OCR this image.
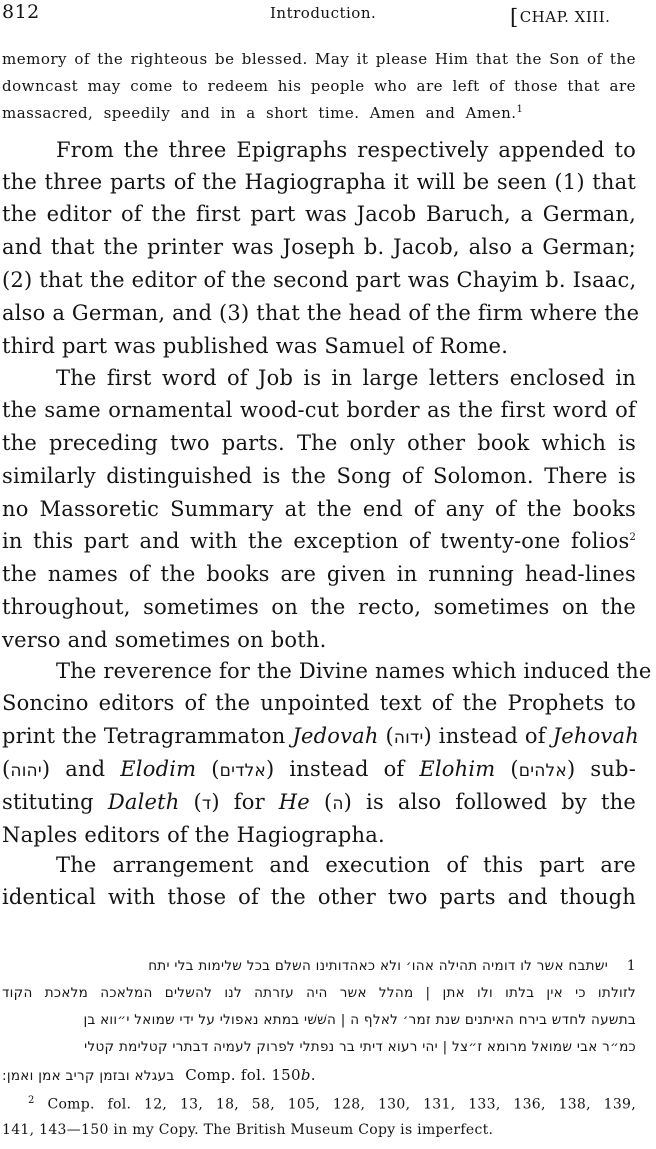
812	Introduction.	[CHAP. XIII.
memory of the righteous be blessed. May it please Him that the Son of the
downcast may come to redeem his people who are left of those that are
massacred, speedily and in a short time. Amen and Amen.$^1$
From the three Epigraphs respectively appended to
the three parts of the Hagiographa it will be seen (1) that
the editor of the first part was Jacob Baruch, a German,
and that the printer was Joseph b. Jacob, also a German;
(2) that the editor of the second part was Chayim b. Isaac,
also a German, and (3) that the head of the firm where the
third part was published was Samuel of Rome.
The first word of Job is in large letters enclosed in
the same ornamental wood-cut border as the first word of
the preceding two parts. The only other book which is
similarly distinguished is the Song of Solomon. There is
no Massoretic Summary at the end of any of the books
in this part and with the exception of twenty-one folios$^2$
the names of the books are given in running head-lines
throughout, sometimes on the recto, sometimes on the
verso and sometimes on both.
The reverence for the Divine names which induced the
Soncino editors of the unpointed text of the Prophets to
print the Tetragrammaton Jedovah (ידוה) instead of Jehovah
(יהוה) and Elodim (אלדים) instead of Elohim (אלהים) sub-
stituting Daleth (ד) for He (ה) is also followed by the
Naples editors of the Hagiographa.
The arrangement and execution of this part are
identical with those of the other two parts and though
1 ישתבח אשר לו דומיה תהילה אהו׳ ולא כאהדותינו השלם בכל שלימות בלי יתח
לזולתו כי אין בלתו ולו אתן | מהלל אשר היה עזרתה לנו להשלים המלאכה מלאכת הקוד
בתשעה לחדש בירח האיתנים שנת זמר׳ לאלף ה | השׁשׁי במתא נאפולי על ידי שמואל י״ווא בן
כמ״ר אבי שמואל מרומא ז״צל | יהי רעוא דיתי בר נפתלי לפרוק לעמיה דבתרי קטלימת קטלי
בעגלא ובזמן קריב אמן ואמן: Comp. fol. 150b.
$^2$ Comp. fol. 12, 13, 18, 58, 105, 128, 130, 131, 133, 136, 138, 139,
141, 143—150 in my Copy. The British Museum Copy is imperfect.
